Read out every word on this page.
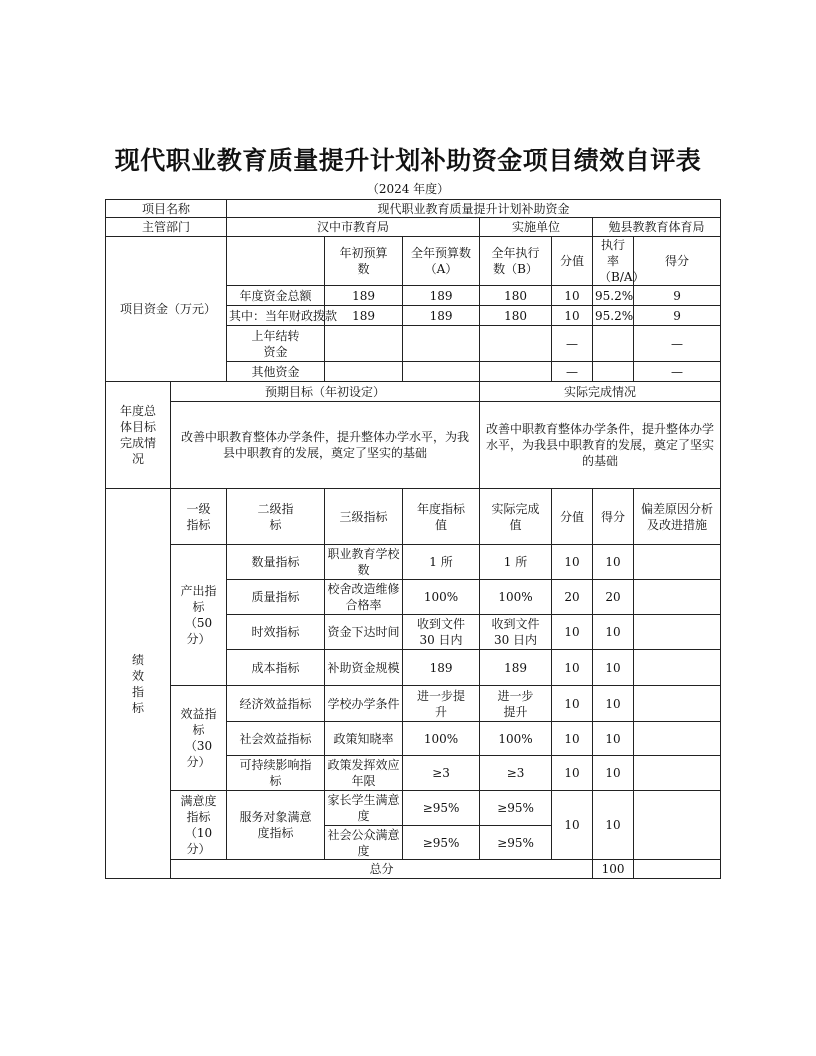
现代职业教育质量提升计划补助资金项目绩效自评表
（2024 年度）
项目名称		现代职业教育质量提升计划补助资金							
主管部门		汉中市教育局			实施单位		勉县教教育体育局		
项目资金（万元）			年初预算数	全年预算数（A）	全年执行数（B）	分值	执行率（B/A）	得分	
		年度资金总额	189	189	180	10	95.2%	9	
		其中：当年财政拨款	189	189	180	10	95.2%	9	
		上年结转资金				—		—	
		其他资金				—		—	
年度总体目标完成情况	预期目标（年初设定）				实际完成情况				
	改善中职教育整体办学条件，提升整体办学水平，为我县中职教育的发展，奠定了坚实的基础				改善中职教育整体办学条件，提升整体办学水平，为我县中职教育的发展，奠定了坚实的基础				
绩效指标	一级指标	二级指标	三级指标	年度指标值	实际完成值	分值	得分	偏差原因分析及改进措施	
	产出指标（50分）	数量指标	职业教育学校数	1 所	1 所	10	10		
		质量指标	校舍改造维修合格率	100%	100%	20	20		
		时效指标	资金下达时间	收到文件30 日内	收到文件30 日内	10	10		
		成本指标	补助资金规模	189	189	10	10		
	效益指标（30分）	经济效益指标	学校办学条件	进一步提升	进一步提升	10	10		
		社会效益指标	政策知晓率	100%	100%	10	10		
		可持续影响指标	政策发挥效应年限	≥3	≥3	10	10		
	满意度指标（10分）	服务对象满意度指标	家长学生满意度	≥95%	≥95%	10	10		
			社会公众满意度	≥95%	≥95%				
	总分						100		
